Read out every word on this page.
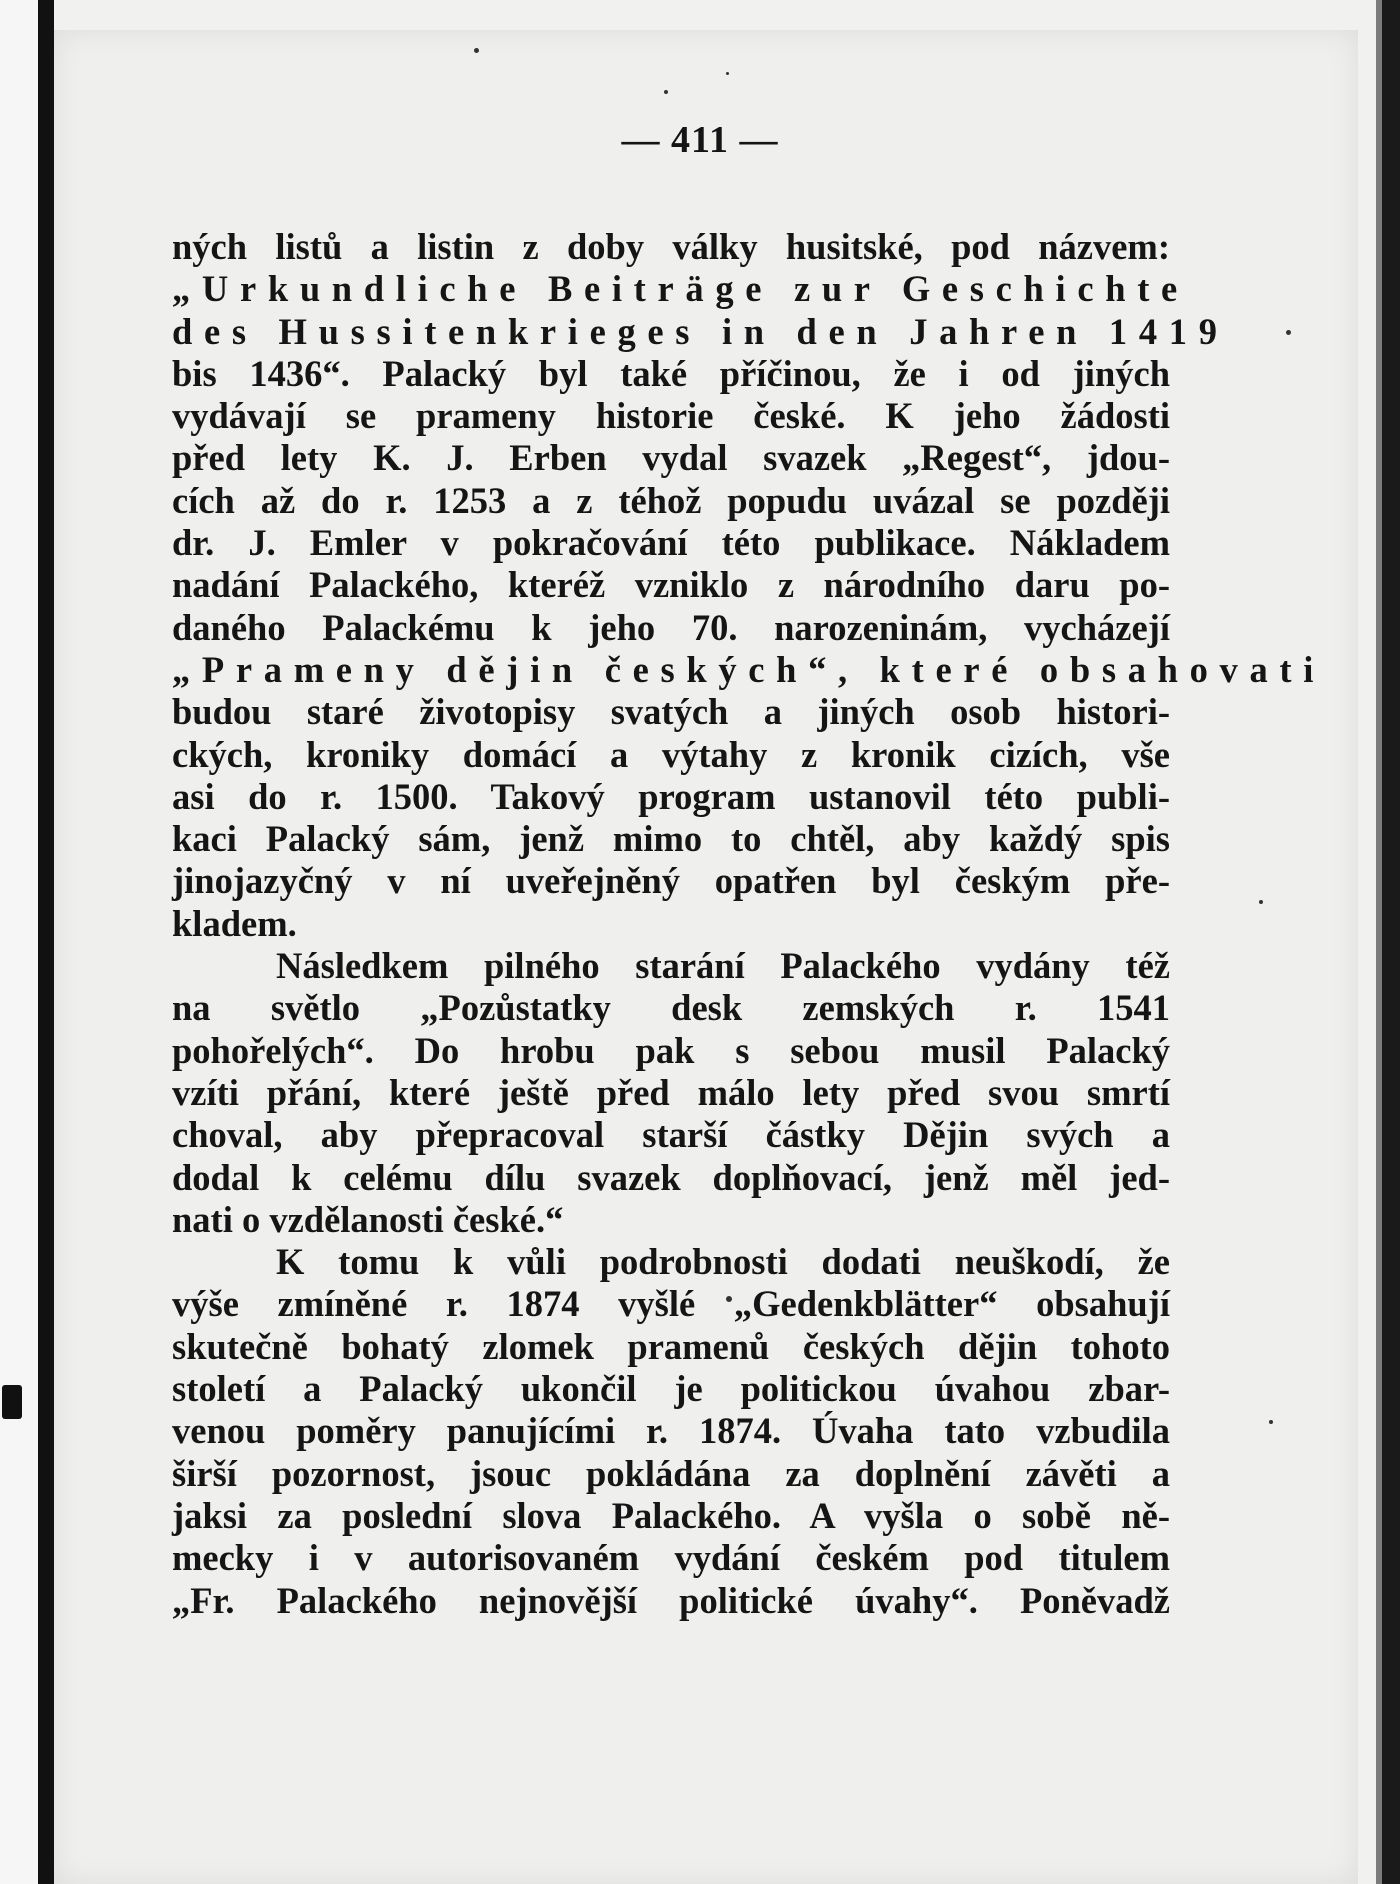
— 411 —
ných listů a listin z doby války husitské, pod názvem:
„Urkundliche Beiträge zur Geschichte
des Hussitenkrieges in den Jahren 1419
bis 1436“. Palacký byl také příčinou, že i od jiných
vydávají se prameny historie české. K jeho žádosti
před lety K. J. Erben vydal svazek „Regest“, jdou-
cích až do r. 1253 a z téhož popudu uvázal se později
dr. J. Emler v pokračování této publikace. Nákladem
nadání Palackého, kteréž vzniklo z národního daru po-
daného Palackému k jeho 70. narozeninám, vycházejí
„Prameny dějin českých“, které obsahovati
budou staré životopisy svatých a jiných osob histori-
ckých, kroniky domácí a výtahy z kronik cizích, vše
asi do r. 1500. Takový program ustanovil této publi-
kaci Palacký sám, jenž mimo to chtěl, aby každý spis
jinojazyčný v ní uveřejněný opatřen byl českým pře-
kladem.
Následkem pilného starání Palackého vydány též
na světlo „Pozůstatky desk zemských r. 1541
pohořelých“. Do hrobu pak s sebou musil Palacký
vzíti přání, které ještě před málo lety před svou smrtí
choval, aby přepracoval starší částky Dějin svých a
dodal k celému dílu svazek doplňovací, jenž měl jed-
nati o vzdělanosti české.“
K tomu k vůli podrobnosti dodati neuškodí, že
výše zmíněné r. 1874 vyšlé „Gedenkblätter“ obsahují
skutečně bohatý zlomek pramenů českých dějin tohoto
století a Palacký ukončil je politickou úvahou zbar-
venou poměry panujícími r. 1874. Úvaha tato vzbudila
širší pozornost, jsouc pokládána za doplnění závěti a
jaksi za poslední slova Palackého. A vyšla o sobě ně-
mecky i v autorisovaném vydání českém pod titulem
„Fr. Palackého nejnovější politické úvahy“. Poněvadž
